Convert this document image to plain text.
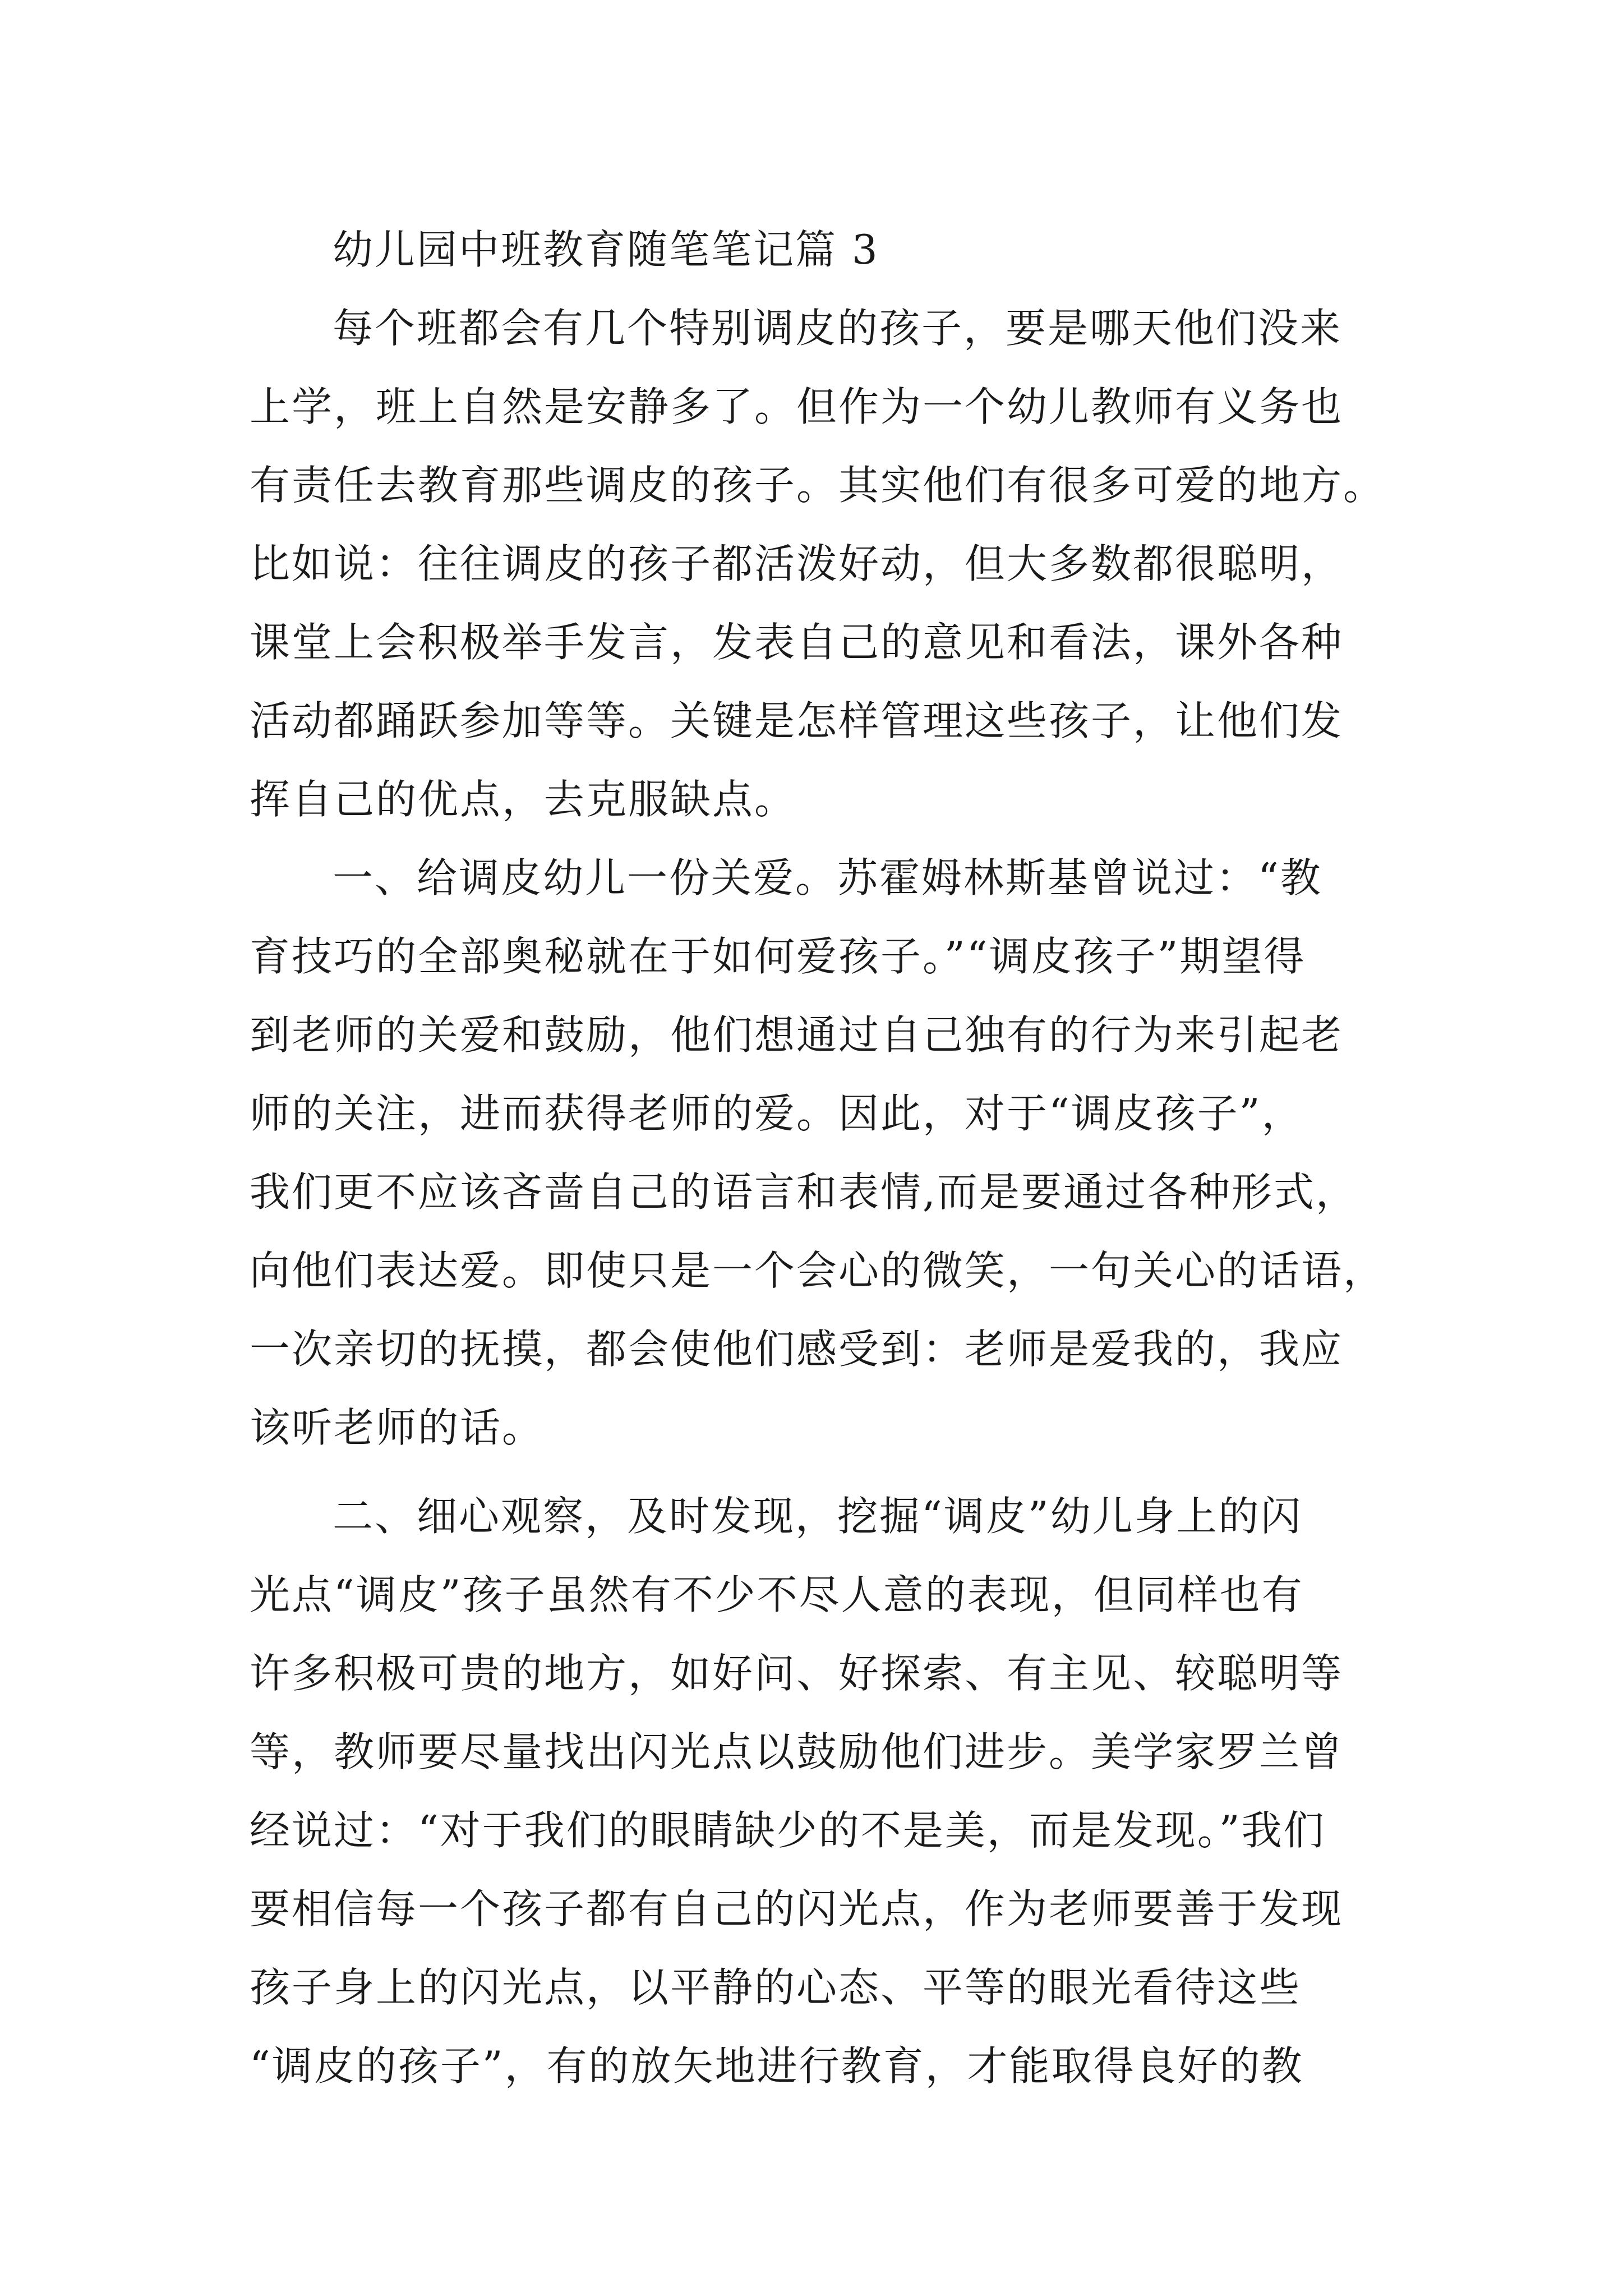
幼儿园中班教育随笔笔记篇 3
每个班都会有几个特别调皮的孩子，要是哪天他们没来
上学，班上自然是安静多了。但作为一个幼儿教师有义务也
有责任去教育那些调皮的孩子。其实他们有很多可爱的地方。
比如说：往往调皮的孩子都活泼好动，但大多数都很聪明，
课堂上会积极举手发言，发表自己的意见和看法，课外各种
活动都踊跃参加等等。关键是怎样管理这些孩子，让他们发
挥自己的优点，去克服缺点。
一、给调皮幼儿一份关爱。苏霍姆林斯基曾说过：“教
育技巧的全部奥秘就在于如何爱孩子。”“调皮孩子”期望得
到老师的关爱和鼓励，他们想通过自己独有的行为来引起老
师的关注，进而获得老师的爱。因此，对于“调皮孩子”，
我们更不应该吝啬自己的语言和表情,而是要通过各种形式，
向他们表达爱。即使只是一个会心的微笑，一句关心的话语，
一次亲切的抚摸，都会使他们感受到：老师是爱我的，我应
该听老师的话。
二、细心观察，及时发现，挖掘“调皮”幼儿身上的闪
光点“调皮”孩子虽然有不少不尽人意的表现，但同样也有
许多积极可贵的地方，如好问、好探索、有主见、较聪明等
等，教师要尽量找出闪光点以鼓励他们进步。美学家罗兰曾
经说过：“对于我们的眼睛缺少的不是美，而是发现。”我们
要相信每一个孩子都有自己的闪光点，作为老师要善于发现
孩子身上的闪光点，以平静的心态、平等的眼光看待这些
“调皮的孩子”，有的放矢地进行教育，才能取得良好的教
